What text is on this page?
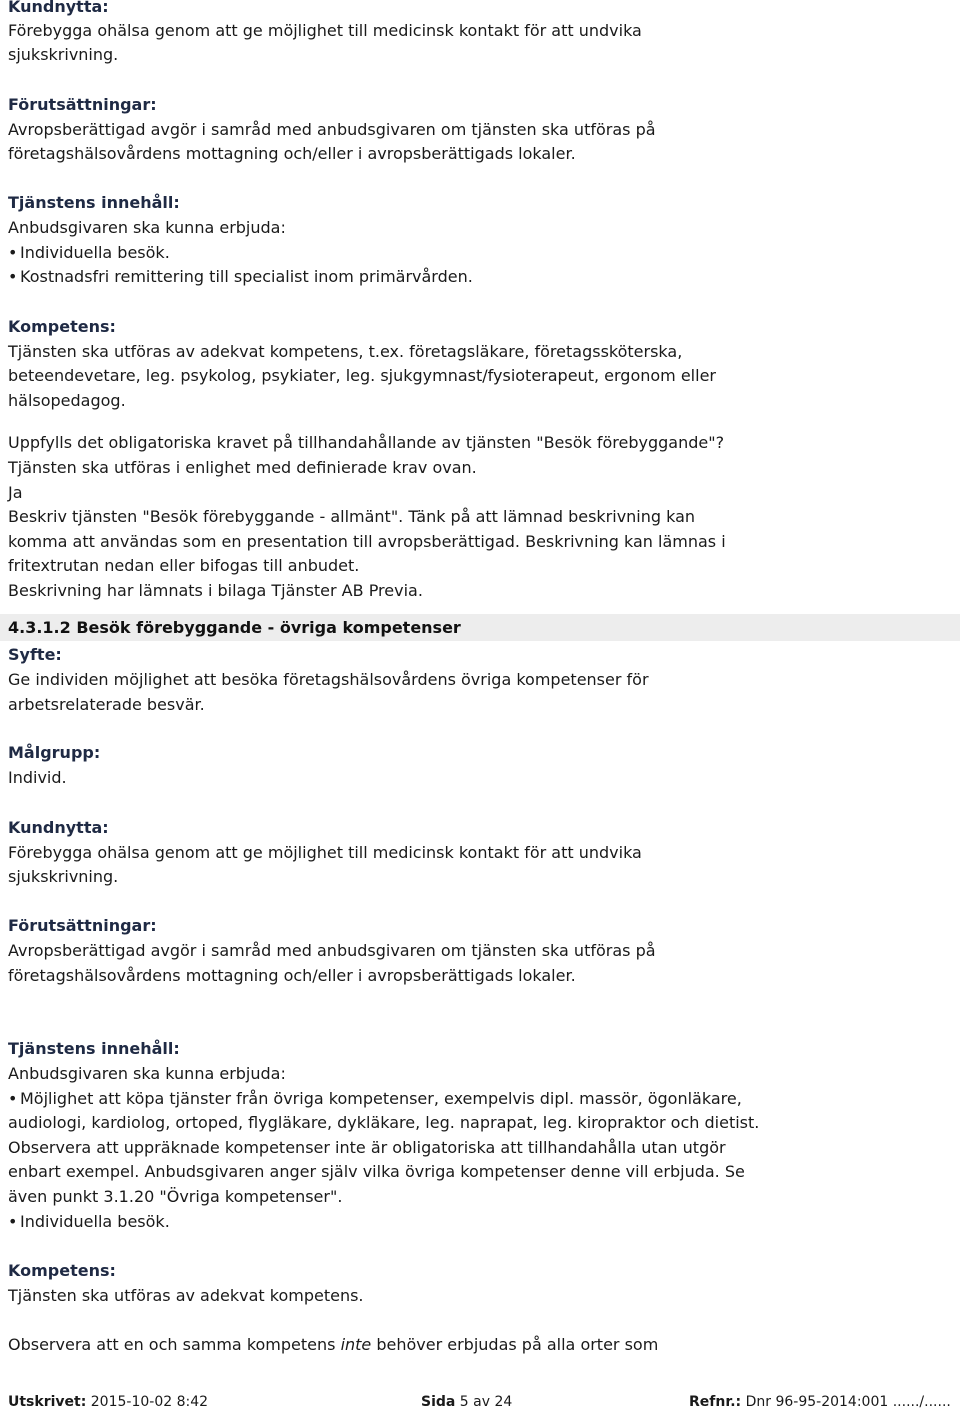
Kundnytta:
Förebygga ohälsa genom att ge möjlighet till medicinsk kontakt för att undvika
sjukskrivning.
Förutsättningar:
Avropsberättigad avgör i samråd med anbudsgivaren om tjänsten ska utföras på
företagshälsovårdens mottagning och/eller i avropsberättigads lokaler.
Tjänstens innehåll:
Anbudsgivaren ska kunna erbjuda:
• Individuella besök.
• Kostnadsfri remittering till specialist inom primärvården.
Kompetens:
Tjänsten ska utföras av adekvat kompetens, t.ex. företagsläkare, företagssköterska,
beteendevetare, leg. psykolog, psykiater, leg. sjukgymnast/fysioterapeut, ergonom eller
hälsopedagog.
Uppfylls det obligatoriska kravet på tillhandahållande av tjänsten "Besök förebyggande"?
Tjänsten ska utföras i enlighet med definierade krav ovan.
Ja
Beskriv tjänsten "Besök förebyggande - allmänt". Tänk på att lämnad beskrivning kan
komma att användas som en presentation till avropsberättigad. Beskrivning kan lämnas i
fritextrutan nedan eller bifogas till anbudet.
Beskrivning har lämnats i bilaga Tjänster AB Previa.
4.3.1.2 Besök förebyggande - övriga kompetenser
Syfte:
Ge individen möjlighet att besöka företagshälsovårdens övriga kompetenser för
arbetsrelaterade besvär.
Målgrupp:
Individ.
Kundnytta:
Förebygga ohälsa genom att ge möjlighet till medicinsk kontakt för att undvika
sjukskrivning.
Förutsättningar:
Avropsberättigad avgör i samråd med anbudsgivaren om tjänsten ska utföras på
företagshälsovårdens mottagning och/eller i avropsberättigads lokaler.
Tjänstens innehåll:
Anbudsgivaren ska kunna erbjuda:
• Möjlighet att köpa tjänster från övriga kompetenser, exempelvis dipl. massör, ögonläkare,
audiologi, kardiolog, ortoped, flygläkare, dykläkare, leg. naprapat, leg. kiropraktor och dietist.
Observera att uppräknade kompetenser inte är obligatoriska att tillhandahålla utan utgör
enbart exempel. Anbudsgivaren anger själv vilka övriga kompetenser denne vill erbjuda. Se
även punkt 3.1.20 "Övriga kompetenser".
• Individuella besök.
Kompetens:
Tjänsten ska utföras av adekvat kompetens.
Observera att en och samma kompetens inte behöver erbjudas på alla orter som
Utskrivet: 2015-10-02 8:42	Sida 5 av 24	Refnr.: Dnr 96-95-2014:001 ....../......
